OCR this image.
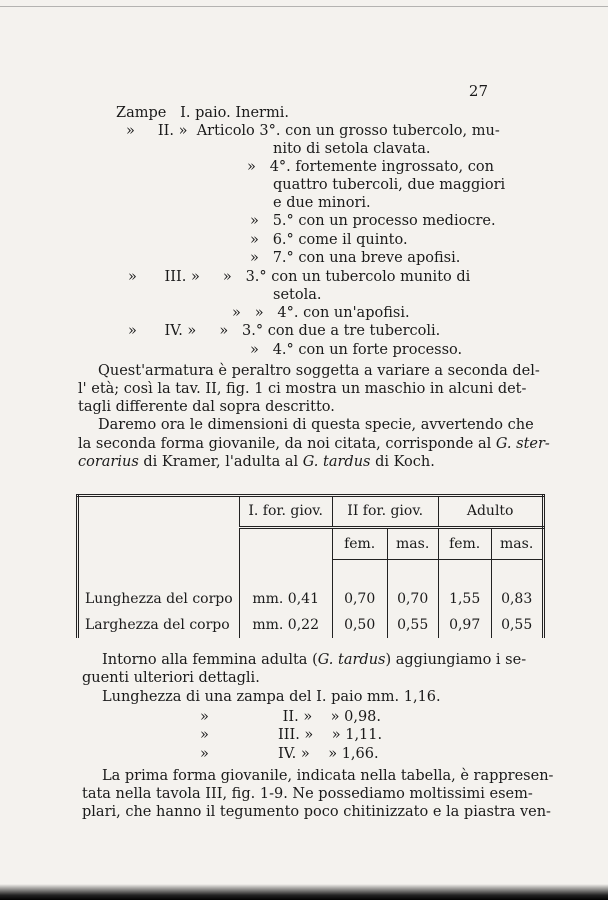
27
Zampe I. paio. Inermi.
» II. » Articolo 3°. con un grosso tubercolo, mu-
nito di setola clavata.
» 4°. fortemente ingrossato, con
quattro tubercoli, due maggiori
e due minori.
» 5.° con un processo mediocre.
» 6.° come il quinto.
» 7.° con una breve apofisi.
» III. » » 3.° con un tubercolo munito di
setola.
» » 4°. con un'apofisi.
» IV. » » 3.° con due a tre tubercoli.
» 4.° con un forte processo.
Quest'armatura è peraltro soggetta a variare a seconda del-
l' età; così la tav. II, fig. 1 ci mostra un maschio in alcuni det-
tagli differente dal sopra descritto.
Daremo ora le dimensioni di questa specie, avvertendo che
la seconda forma giovanile, da noi citata, corrisponde al G. ster-
corarius di Kramer, l'adulta al G. tardus di Koch.
	I. for. giov.	II for. giov.		Adulto	
		fem.	mas.	fem.	mas.

Lunghezza del corpo	mm. 0,41	0,70	0,70	1,55	0,83
Larghezza del corpo	mm. 0,22	0,50	0,55	0,97	0,55
Intorno alla femmina adulta (G. tardus) aggiungiamo i se-
guenti ulteriori dettagli.
Lunghezza di una zampa del I. paio mm. 1,16.
»	II. » » 0,98.
»	III. » » 1,11.
»	IV. » » 1,66.
La prima forma giovanile, indicata nella tabella, è rappresen-
tata nella tavola III, fig. 1-9. Ne possediamo moltissimi esem-
plari, che hanno il tegumento poco chitinizzato e la piastra ven-
